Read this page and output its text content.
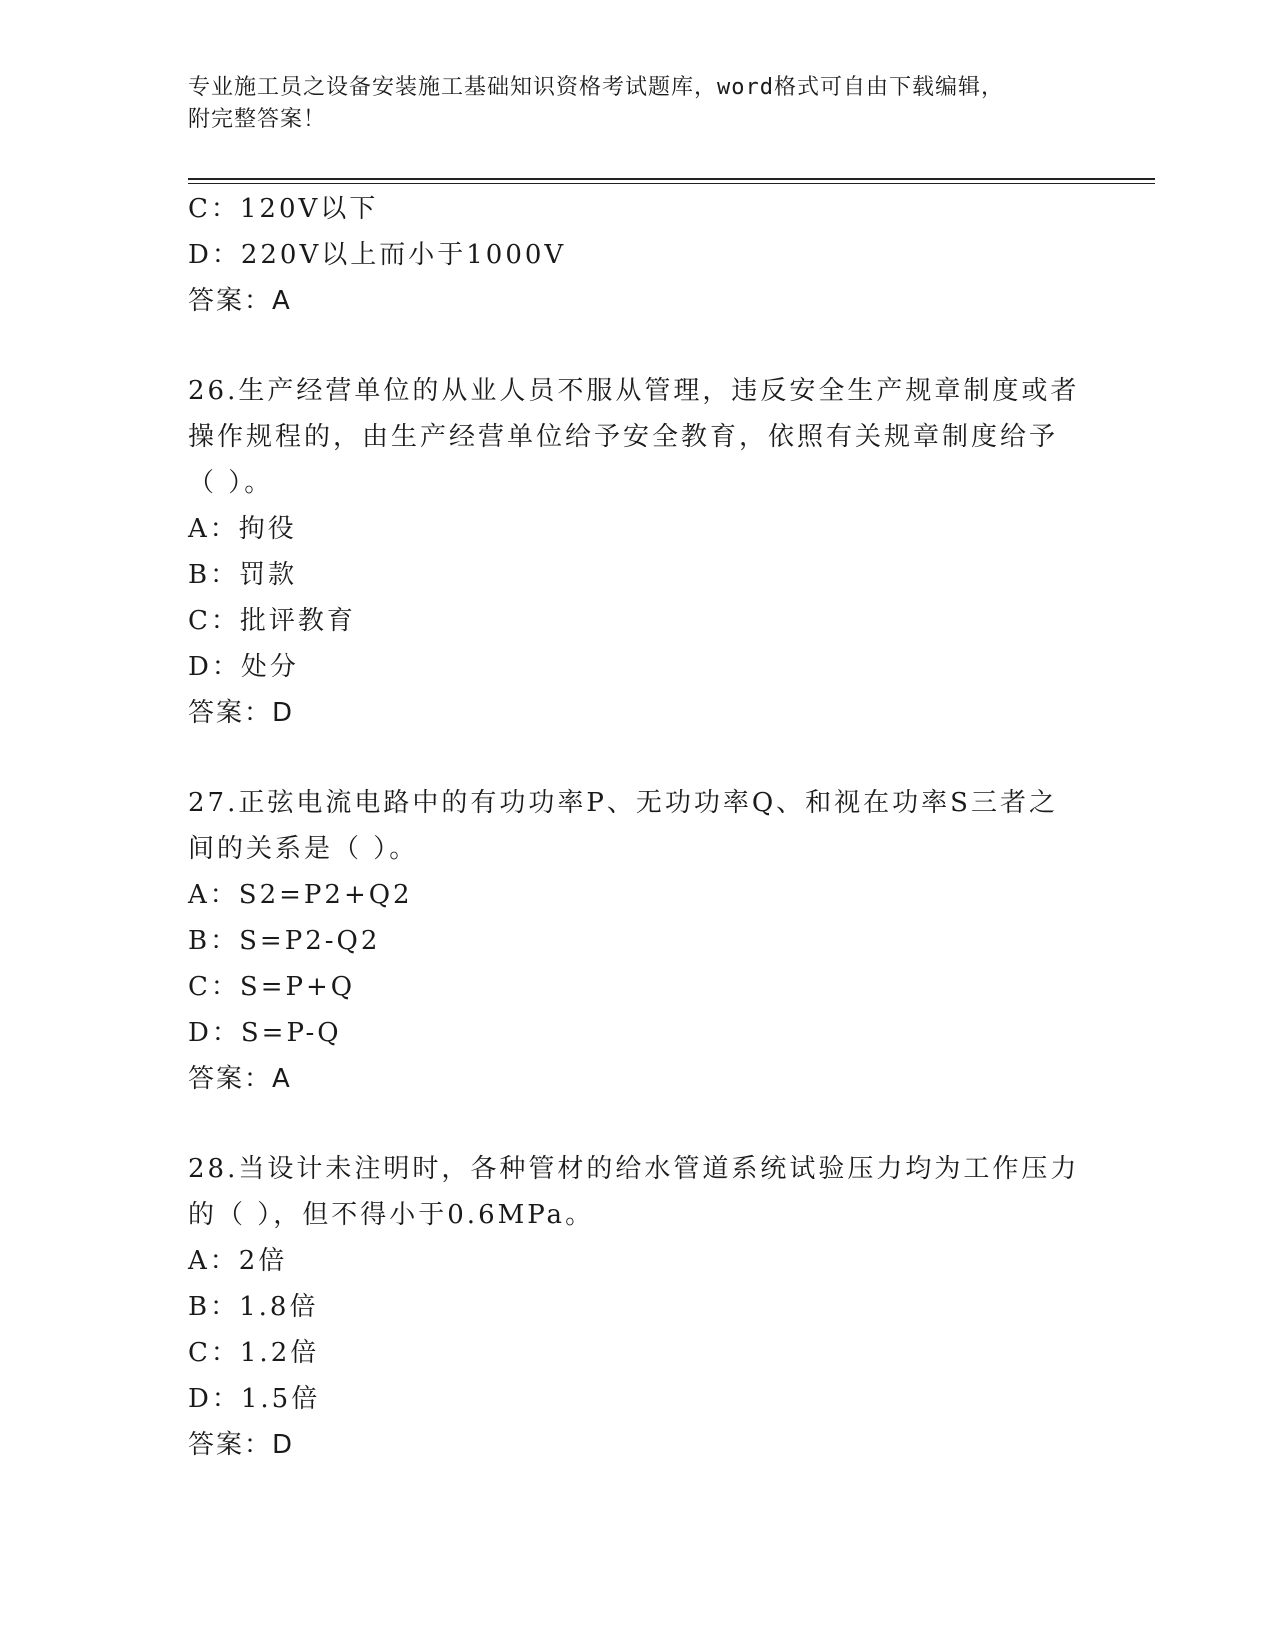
专业施工员之设备安装施工基础知识资格考试题库，word格式可自由下载编辑，
附完整答案！
C：120V以下
D：220V以上而小于1000V
答案：A
26.生产经营单位的从业人员不服从管理，违反安全生产规章制度或者
操作规程的，由生产经营单位给予安全教育，依照有关规章制度给予
（ ）。
A：拘役
B：罚款
C：批评教育
D：处分
答案：D
27.正弦电流电路中的有功功率P、无功功率Q、和视在功率S三者之
间的关系是（ ）。
A：S2=P2+Q2
B：S=P2-Q2
C：S=P+Q
D：S=P-Q
答案：A
28.当设计未注明时，各种管材的给水管道系统试验压力均为工作压力
的（ ），但不得小于0.6MPa。
A：2倍
B：1.8倍
C：1.2倍
D：1.5倍
答案：D
